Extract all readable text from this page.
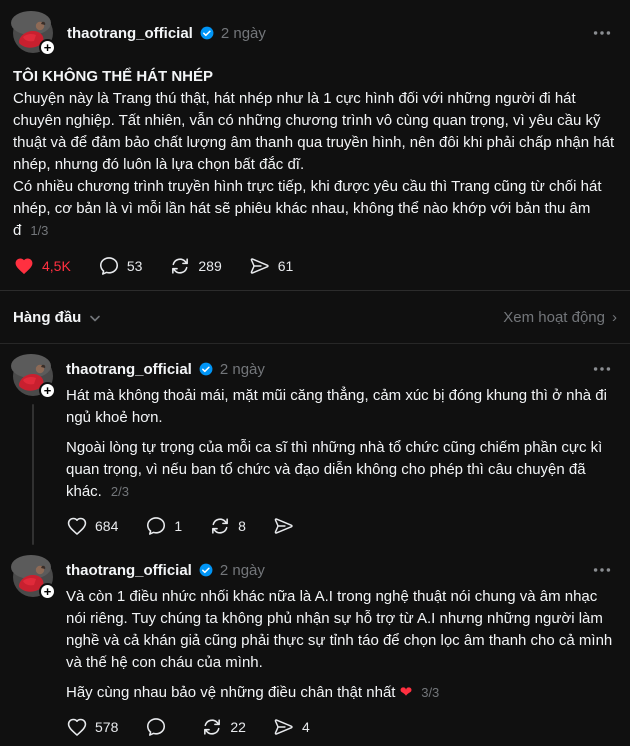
+
thaotrang_official 2 ngày

TÔI KHÔNG THỂ HÁT NHÉP

Chuyện này là Trang thú thật, hát nhép như là 1 cực hình đối với những người đi hát chuyên nghiệp. Tất nhiên, vẫn có những chương trình vô cùng quan trọng, vì yêu cầu kỹ thuật và để đảm bảo chất lượng âm thanh qua truyền hình, nên đôi khi phải chấp nhận hát nhép, nhưng đó luôn là lựa chọn bất đắc dĩ.

Có nhiều chương trình truyền hình trực tiếp, khi được yêu cầu thì Trang cũng từ chối hát nhép, cơ bản là vì mỗi lần hát sẽ phiêu khác nhau, không thể nào khớp với bản thu âm đ 1/3

4,5K	53	289	61
Hàng đầu	Xem hoạt động ›
+
thaotrang_official 2 ngày

Hát mà không thoải mái, mặt mũi căng thẳng, cảm xúc bị đóng khung thì ở nhà đi ngủ khoẻ hơn.

Ngoài lòng tự trọng của mỗi ca sĩ thì những nhà tổ chức cũng chiếm phần cực kì quan trọng, vì nếu ban tổ chức và đạo diễn không cho phép thì câu chuyện đã khác. 2/3

684	1	8
+
thaotrang_official 2 ngày

Và còn 1 điều nhức nhối khác nữa là A.I trong nghệ thuật nói chung và âm nhạc nói riêng. Tuy chúng ta không phủ nhận sự hỗ trợ từ A.I nhưng những người làm nghề và cả khán giả cũng phải thực sự tỉnh táo để chọn lọc âm thanh cho cả mình và thế hệ con cháu của mình.

Hãy cùng nhau bảo vệ những điều chân thật nhất ❤ 3/3

578	22	4
